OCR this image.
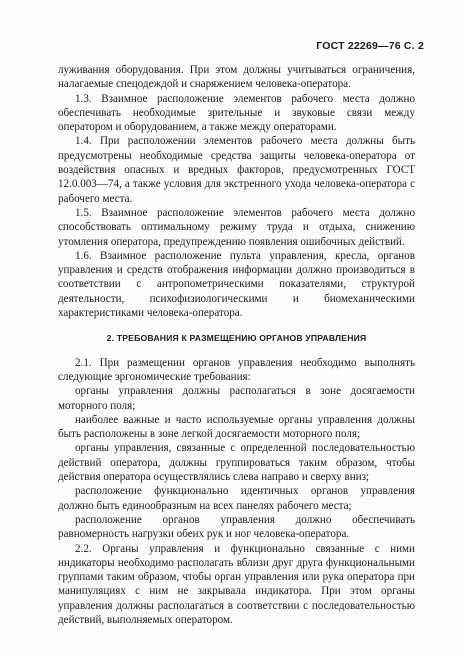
ГОСТ 22269—76 С. 2

луживания оборудования. При этом должны учитываться ограничения, налагаемые спецодеждой и снаряжением человека-оператора.

1.3. Взаимное расположение элементов рабочего места должно обеспечивать необходимые зрительные и звуковые связи между оператором и оборудованием, а также между операторами.

1.4. При расположении элементов рабочего места должны быть предусмотрены необходимые средства защиты человека-оператора от воздействия опасных и вредных факторов, предусмотренных ГОСТ 12.0.003—74, а также условия для экстренного ухода человека-оператора с рабочего места.

1.5. Взаимное расположение элементов рабочего места должно способствовать оптимальному режиму труда и отдыха, снижению утомления оператора, предупреждению появления ошибочных действий.

1.6. Взаимное расположение пульта управления, кресла, органов управления и средств отображения информации должно производиться в соответствии с антропометрическими показателями, структурой деятельности, психофизиологическими и биомеханическими характеристиками человека-оператора.

2. ТРЕБОВАНИЯ К РАЗМЕЩЕНИЮ ОРГАНОВ УПРАВЛЕНИЯ

2.1. При размещении органов управления необходимо выполнять следующие эргономические требования:

органы управления должны располагаться в зоне досягаемости моторного поля;

наиболее важные и часто используемые органы управления должны быть расположены в зоне легкой досягаемости моторного поля;

органы управления, связанные с определенной последовательностью действий оператора, должны группироваться таким образом, чтобы действия оператора осуществлялись слева направо и сверху вниз;

расположение функционально идентичных органов управления должно быть единообразным на всех панелях рабочего места;

расположение органов управления должно обеспечивать равномерность нагрузки обеих рук и ног человека-оператора.

2.2. Органы управления и функционально связанные с ними индикаторы необходимо располагать вблизи друг друга функциональными группами таким образом, чтобы орган управления или рука оператора при манипуляциях с ним не закрывала индикатора. При этом органы управления должны располагаться в соответствии с последовательностью действий, выполняемых оператором.
